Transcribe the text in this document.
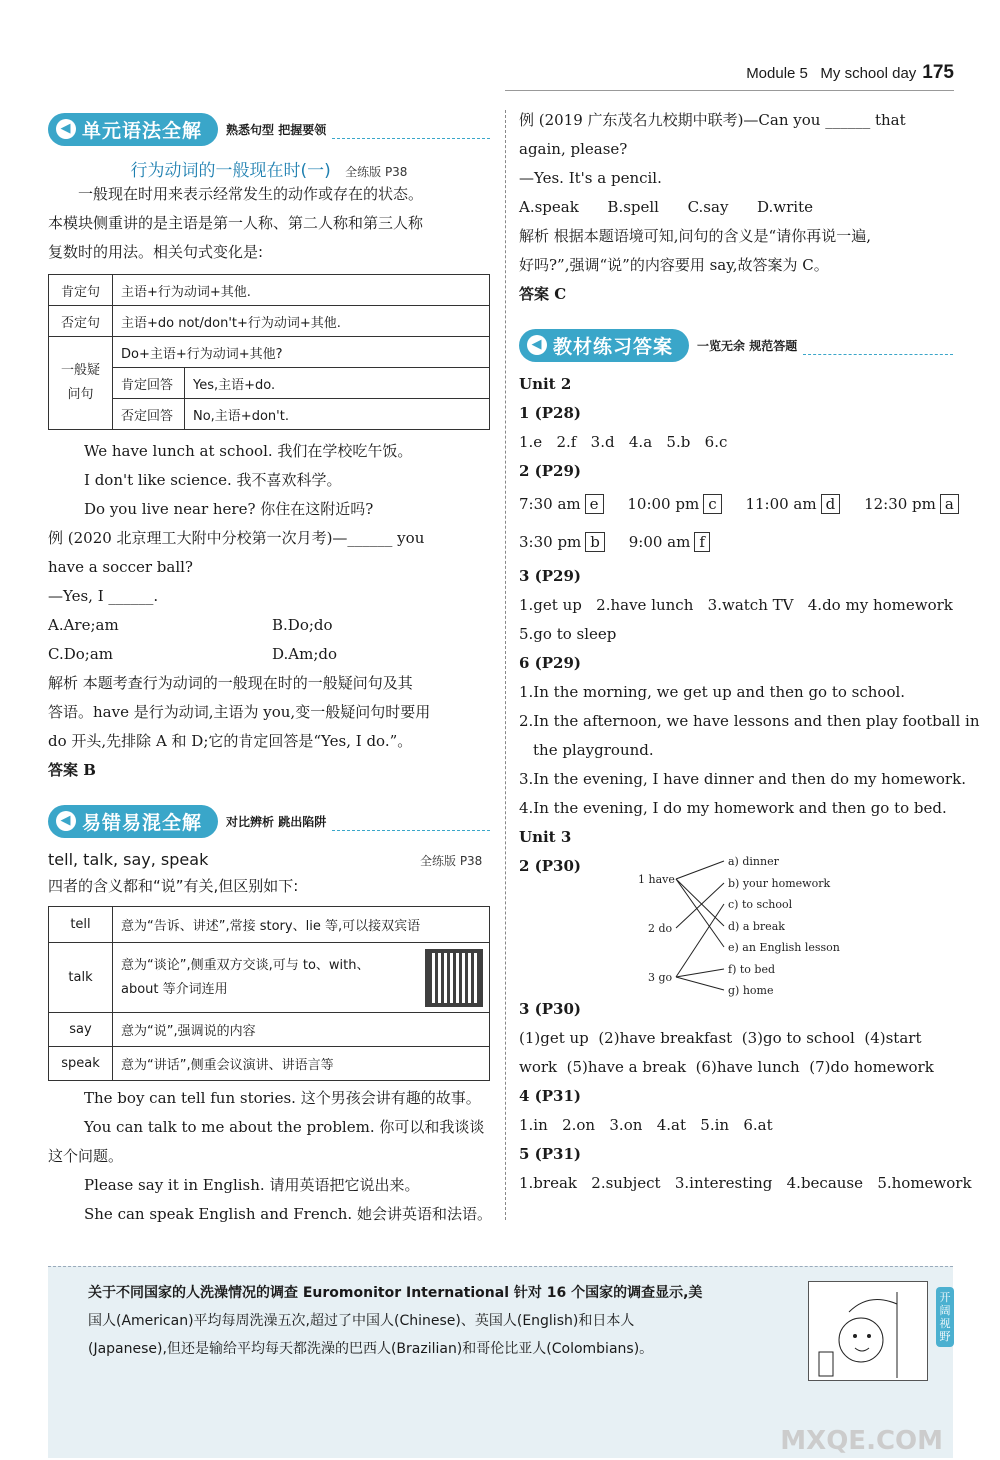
Module 5 My school day 175
◀ 单元语法全解 熟悉句型 把握要领
行为动词的一般现在时(一) 全练版 P38
一般现在时用来表示经常发生的动作或存在的状态。
本模块侧重讲的是主语是第一人称、第二人称和第三人称
复数时的用法。相关句式变化是:
肯定句	主语+行为动词+其他.	
否定句	主语+do not/don't+行为动词+其他.	

一般疑
问句	Do+主语+行为动词+其他?	
	肯定回答	Yes,主语+do.
	否定回答	No,主语+don't.
We have lunch at school. 我们在学校吃午饭。
I don't like science. 我不喜欢科学。
Do you live near here? 你住在这附近吗?
例 (2020 北京理工大附中分校第一次月考)—______ you
have a soccer ball?
—Yes, I ______.
A.Are;am	B.Do;do
C.Do;am	D.Am;do
解析 本题考查行为动词的一般现在时的一般疑问句及其
答语。have 是行为动词,主语为 you,变一般疑问句时要用
do 开头,先排除 A 和 D;它的肯定回答是“Yes, I do.”。
答案 B
◀ 易错易混全解 对比辨析 跳出陷阱
tell, talk, say, speak	全练版 P38
四者的含义都和“说”有关,但区别如下:
tell	意为“告诉、讲述”,常接 story、lie 等,可以接双宾语
talk	意为“谈论”,侧重双方交谈,可与 to、with、
about 等介词连用

say	意为“说”,强调说的内容
speak	意为“讲话”,侧重会议演讲、讲语言等
The boy can tell fun stories. 这个男孩会讲有趣的故事。
You can talk to me about the problem. 你可以和我谈谈
这个问题。
Please say it in English. 请用英语把它说出来。
She can speak English and French. 她会讲英语和法语。
例 (2019 广东茂名九校期中联考)—Can you ______ that
again, please?
—Yes. It's a pencil.
A.speak      B.spell      C.say      D.write
解析 根据本题语境可知,问句的含义是“请你再说一遍,
好吗?”,强调“说”的内容要用 say,故答案为 C。
答案 C
◀ 教材练习答案 一览无余 规范答题
Unit 2
1 (P28)
1.e   2.f   3.d   4.a   5.b   6.c
2 (P29)
7:30 am e 10:00 pm c 11:00 am d 12:30 pm a
3:30 pm b 9:00 am f
3 (P29)
1.get up   2.have lunch   3.watch TV   4.do my homework
5.go to sleep
6 (P29)
1.In the morning, we get up and then go to school.
2.In the afternoon, we have lessons and then play football in
the playground.
3.In the evening, I have dinner and then do my homework.
4.In the evening, I do my homework and then go to bed.
Unit 3
2 (P30)
1 have
2 do
3 go
a) dinner
b) your homework
c) to school
d) a break
e) an English lesson
f) to bed
g) home
3 (P30)
(1)get up  (2)have breakfast  (3)go to school  (4)start
work  (5)have a break  (6)have lunch  (7)do homework
4 (P31)
1.in   2.on   3.on   4.at   5.in   6.at
5 (P31)
1.break   2.subject   3.interesting   4.because   5.homework
关于不同国家的人洗澡情况的调查 Euromonitor International 针对 16 个国家的调查显示,美
国人(American)平均每周洗澡五次,超过了中国人(Chinese)、英国人(English)和日本人
(Japanese),但还是输给平均每天都洗澡的巴西人(Brazilian)和哥伦比亚人(Colombians)。
开阔视野
MXQE.COM
